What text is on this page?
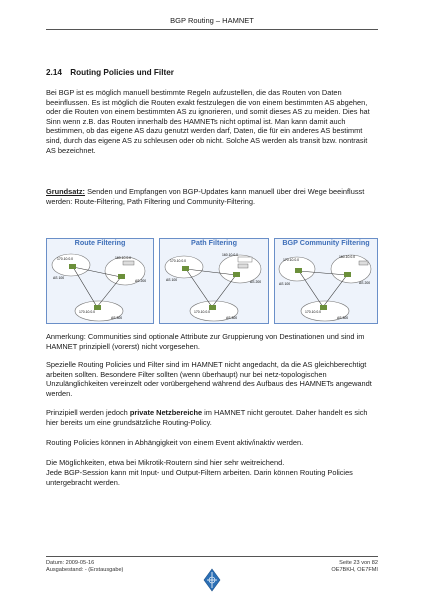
BGP Routing – HAMNET
2.14 Routing Policies und Filter

Bei BGP ist es möglich manuell bestimmte Regeln aufzustellen, die das Routen von Daten beeinflussen. Es ist möglich die Routen exakt festzulegen die von einem bestimmten AS abgehen, oder die Routen von einem bestimmten AS zu ignorieren, und somit dieses AS zu meiden. Dies hat Sinn wenn z.B. das Routen innerhalb des HAMNETs nicht optimal ist. Man kann damit auch bestimmen, ob das eigene AS dazu genutzt werden darf, Daten, die für ein anderes AS bestimmt sind, durch das eigene AS zu schleusen oder ob nicht. Solche AS werden als transit bzw. nontrasit AS bezeichnet.

Grundsatz: Senden und Empfangen von BGP-Updates kann manuell über drei Wege beeinflusst werden: Route-Filtering, Path Filtering und Community-Filtering.

Route Filtering
170.10.0.0	160.10.0.0
AS 100
AS 200
AS 300
170.10.0.0
Path Filtering
170.10.0.0
160.10.0.0
AS 100	AS 200
AS 300
170.10.0.0
BGP Community Filtering
170.10.0.0
160.10.0.0
AS 100	AS 200
AS 300
170.10.0.0

Anmerkung: Communities sind optionale Attribute zur Gruppierung von Destinationen und sind im HAMNET prinzipiell (vorerst) nicht vorgesehen.

Spezielle Routing Policies und Filter sind im HAMNET nicht angedacht, da die AS gleichberechtigt arbeiten sollten. Besondere Filter sollten (wenn überhaupt) nur bei netz-topologischen Unzulänglichkeiten vereinzelt oder vorübergehend während des Aufbaus des HAMNETs angewandt werden.

Prinzipiell werden jedoch private Netzbereiche im HAMNET nicht geroutet. Daher handelt es sich hier bereits um eine grundsätzliche Routing-Policy.

Routing Policies können in Abhängigkeit von einem Event aktiv/inaktiv werden.

Die Möglichkeiten, etwa bei Mikrotik-Routern sind hier sehr weitreichend.

Jede BGP-Session kann mit Input- und Output-Filtern arbeiten. Darin können Routing Policies untergebracht werden.

Datum: 2009-05-16
Ausgabestand: - (Erstausgabe)
Seite 23 von 82
OE7BKH, OE7FMI
